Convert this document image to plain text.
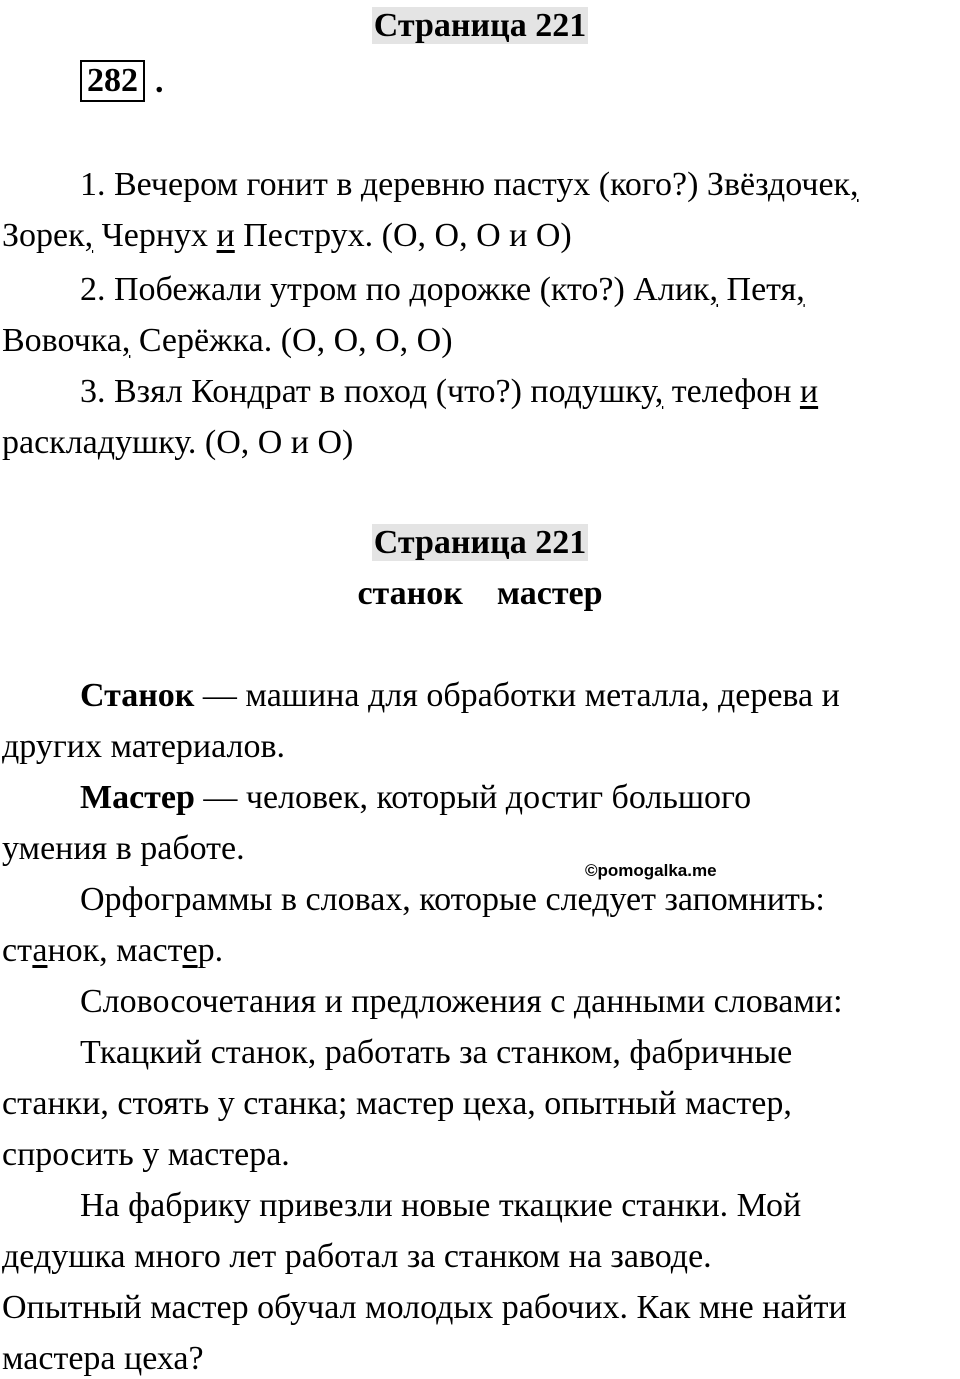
Страница 221
282 .
1. Вечером гонит в деревню пастух (кого?) Звёздочек,
Зорек, Чернух и Пеструх. (О, О, О и О)
2. Побежали утром по дорожке (кто?) Алик, Петя,
Вовочка, Серёжка. (О, О, О, О)
3. Взял Кондрат в поход (что?) подушку, телефон и
раскладушку. (О, О и О)
Страница 221
станок мастер
Станок — машина для обработки металла, дерева и
других материалов.
Мастер — человек, который достиг большого
умения в работе.
©pomogalka.me
Орфограммы в словах, которые следует запомнить:
станок, мастер.
Словосочетания и предложения с данными словами:
Ткацкий станок, работать за станком, фабричные
станки, стоять у станка; мастер цеха, опытный мастер,
спросить у мастера.
На фабрику привезли новые ткацкие станки. Мой
дедушка много лет работал за станком на заводе.
Опытный мастер обучал молодых рабочих. Как мне найти
мастера цеха?
